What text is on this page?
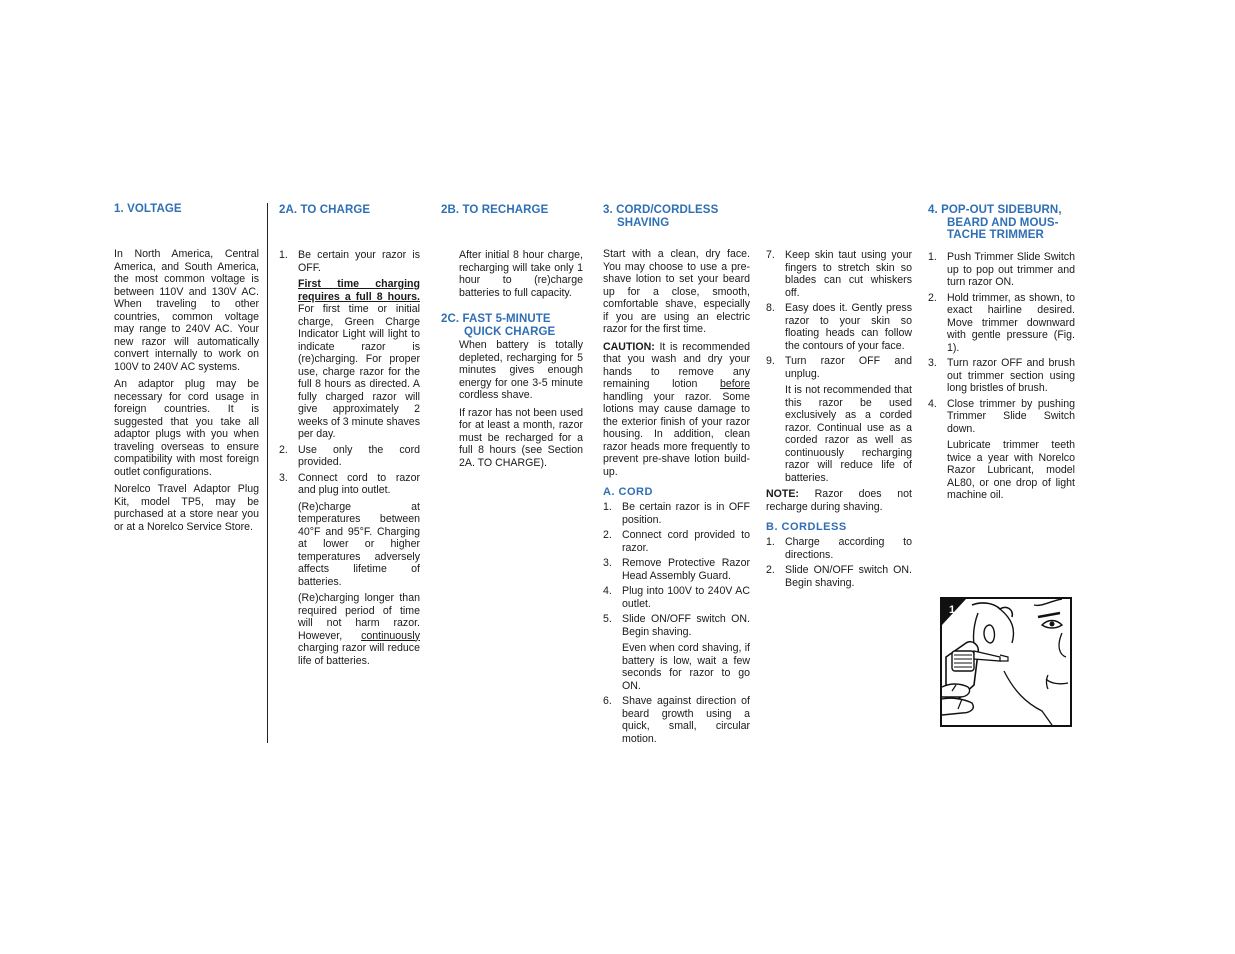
1. VOLTAGE

In North America, Central America, and South America, the most common voltage is between 110V and 130V AC. When traveling to other countries, common voltage may range to 240V AC. Your new razor will automatically convert internally to work on 100V to 240V AC systems.

An adaptor plug may be necessary for cord usage in foreign countries. It is suggested that you take all adaptor plugs with you when traveling overseas to ensure compatibility with most foreign outlet configurations.

Norelco Travel Adaptor Plug Kit, model TP5, may be purchased at a store near you or at a Norelco Service Store.

2A. TO CHARGE
1. Be certain your razor is OFF.
First time charging requires a full 8 hours. For first time or initial charge, Green Charge Indicator Light will light to indicate razor is (re)charging. For proper use, charge razor for the full 8 hours as directed. A fully charged razor will give approximately 2 weeks of 3 minute shaves per day.
2. Use only the cord provided.
3. Connect cord to razor and plug into outlet.
(Re)charge at temperatures between 40°F and 95°F. Charging at lower or higher temperatures adversely affects lifetime of batteries.
(Re)charging longer than required period of time will not harm razor. However, continuously charging razor will reduce life of batteries.
2B. TO RECHARGE

After initial 8 hour charge, recharging will take only 1 hour to (re)charge batteries to full capacity.

2C. FAST 5-MINUTE
QUICK CHARGE

When battery is totally depleted, recharging for 5 minutes gives enough energy for one 3-5 minute cordless shave.

If razor has not been used for at least a month, razor must be recharged for a full 8 hours (see Section 2A. TO CHARGE).

3. CORD/CORDLESS
SHAVING

Start with a clean, dry face. You may choose to use a pre-shave lotion to set your beard up for a close, smooth, comfortable shave, especially if you are using an electric razor for the first time.

CAUTION: It is recommended that you wash and dry your hands to remove any remaining lotion before handling your razor. Some lotions may cause damage to the exterior finish of your razor housing. In addition, clean razor heads more frequently to prevent pre-shave lotion build-up.

A. CORD
1. Be certain razor is in OFF position.
2. Connect cord provided to razor.
3. Remove Protective Razor Head Assembly Guard.
4. Plug into 100V to 240V AC outlet.
5. Slide ON/OFF switch ON. Begin shaving.
Even when cord shaving, if battery is low, wait a few seconds for razor to go ON.
6. Shave against direction of beard growth using a quick, small, circular motion.
7. Keep skin taut using your fingers to stretch skin so blades can cut whiskers off.
8. Easy does it. Gently press razor to your skin so floating heads can follow the contours of your face.
9. Turn razor OFF and unplug.
It is not recommended that this razor be used exclusively as a corded razor. Continual use as a corded razor as well as continuously recharging razor will reduce life of batteries.

NOTE: Razor does not recharge during shaving.

B. CORDLESS
1. Charge according to directions.
2. Slide ON/OFF switch ON. Begin shaving.
4. POP-OUT SIDEBURN,
BEARD AND MOUS-
TACHE TRIMMER
1. Push Trimmer Slide Switch up to pop out trimmer and turn razor ON.
2. Hold trimmer, as shown, to exact hairline desired. Move trimmer downward with gentle pressure (Fig. 1).
3. Turn razor OFF and brush out trimmer section using long bristles of brush.
4. Close trimmer by pushing Trimmer Slide Switch down.
Lubricate trimmer teeth twice a year with Norelco Razor Lubricant, model AL80, or one drop of light machine oil.
1
